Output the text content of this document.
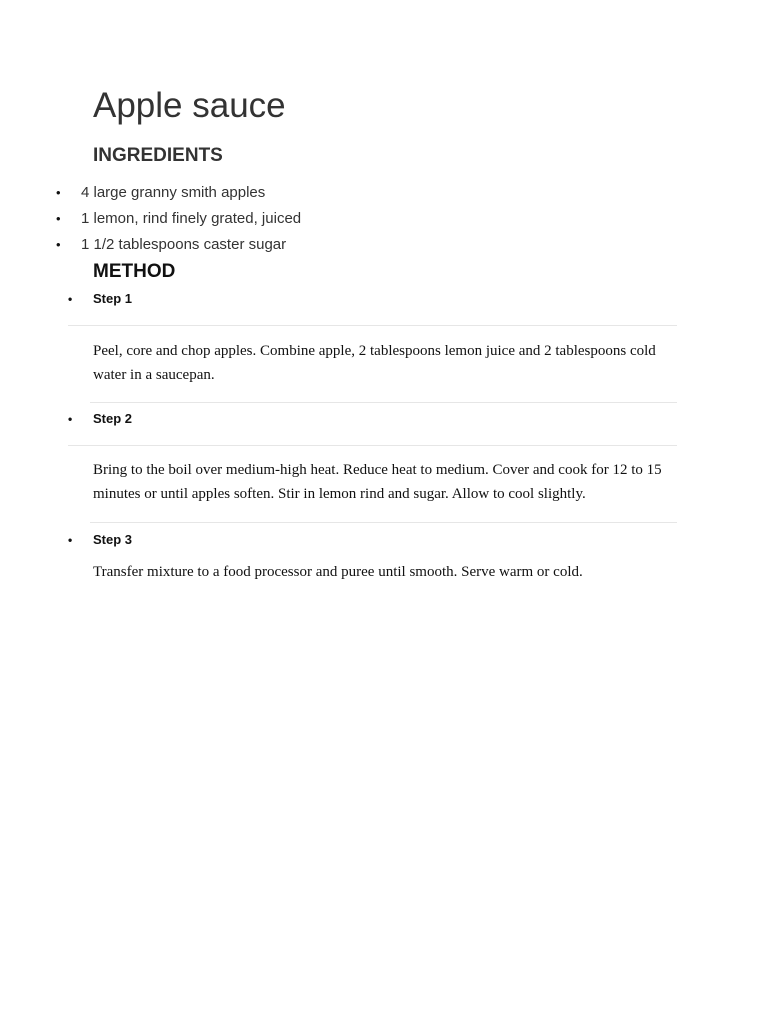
Apple sauce
INGREDIENTS
• 4 large granny smith apples
• 1 lemon, rind finely grated, juiced
• 1 1/2 tablespoons caster sugar
METHOD
• Step 1

Peel, core and chop apples. Combine apple, 2 tablespoons lemon juice and 2 tablespoons cold water in a saucepan.

• Step 2

Bring to the boil over medium-high heat. Reduce heat to medium. Cover and cook for 12 to 15 minutes or until apples soften. Stir in lemon rind and sugar. Allow to cool slightly.

• Step 3

Transfer mixture to a food processor and puree until smooth. Serve warm or cold.
